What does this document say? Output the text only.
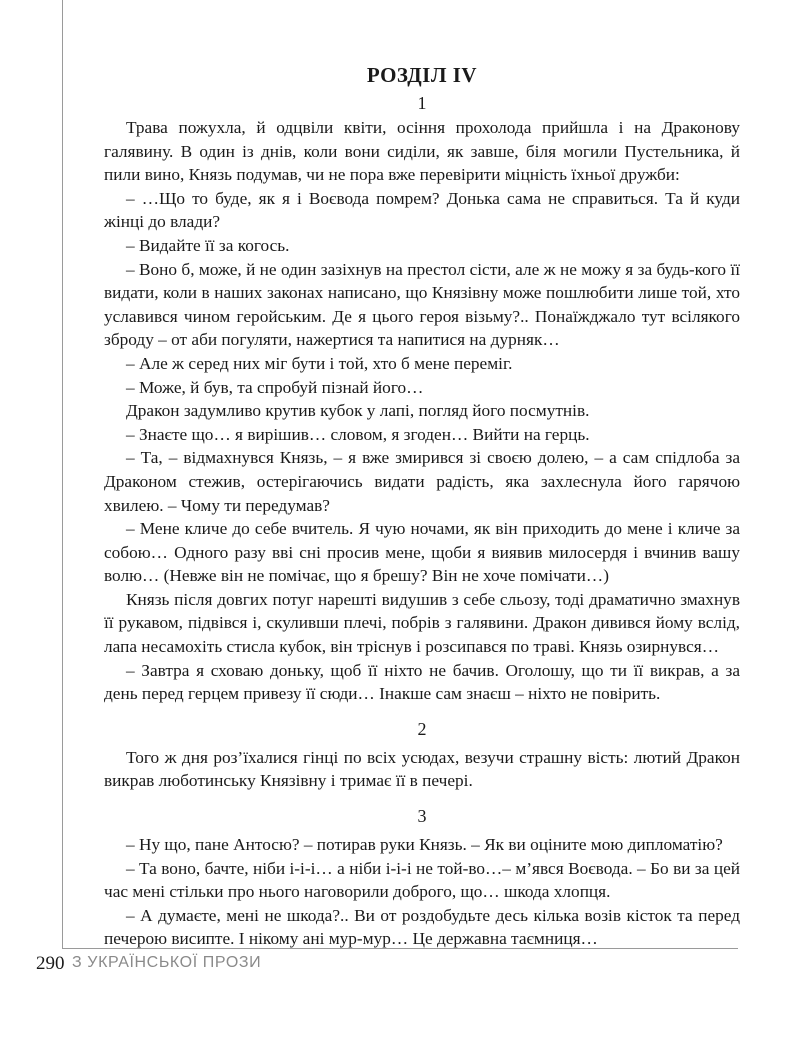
РОЗДІЛ IV
1

Трава пожухла, й одцвіли квіти, осіння прохолода прийшла і на Драконову галявину. В один із днів, коли вони сиділи, як завше, біля могили Пустельника, й пили вино, Князь подумав, чи не пора вже перевірити міцність їхньої дружби:

– …Що то буде, як я і Воєвода помрем? Донька сама не справиться. Та й куди жінці до влади?

– Видайте її за когось.

– Воно б, може, й не один зазіхнув на престол сісти, але ж не можу я за будь-кого її видати, коли в наших законах написано, що Князівну може пошлюбити лише той, хто уславився чином геройським. Де я цього героя візьму?.. Понаїжджало тут всілякого зброду – от аби погуляти, нажертися та напитися на дурняк…

– Але ж серед них міг бути і той, хто б мене переміг.

– Може, й був, та спробуй пізнай його…

Дракон задумливо крутив кубок у лапі, погляд його посмутнів.

– Знаєте що… я вирішив… словом, я згоден… Вийти на герць.

– Та, – відмахнувся Князь, – я вже змирився зі своєю долею, – а сам спідлоба за Драконом стежив, остерігаючись видати радість, яка захлеснула його гарячою хвилею. – Чому ти передумав?

– Мене кличе до себе вчитель. Я чую ночами, як він приходить до мене і кличе за собою… Одного разу вві сні просив мене, щоби я виявив милосердя і вчинив вашу волю… (Невже він не помічає, що я брешу? Він не хоче помічати…)

Князь після довгих потуг нарешті видушив з себе сльозу, тоді драматично змахнув її рукавом, підвівся і, скуливши плечі, побрів з галявини. Дракон дивився йому вслід, лапа несамохіть стисла кубок, він тріснув і розсипався по траві. Князь озирнувся…

– Завтра я сховаю доньку, щоб її ніхто не бачив. Оголошу, що ти її викрав, а за день перед герцем привезу її сюди… Інакше сам знаєш – ніхто не повірить.

2

Того ж дня роз’їхалися гінці по всіх усюдах, везучи страшну вість: лютий Дракон викрав люботинську Князівну і тримає її в печері.

3

– Ну що, пане Антосю? – потирав руки Князь. – Як ви оціните мою дипломатію?

– Та воно, бачте, ніби і-і-і… а ніби і-і-і не той-во…– м’явся Воєвода. – Бо ви за цей час мені стільки про нього наговорили доброго, що… шкода хлопця.

– А думаєте, мені не шкода?.. Ви от роздобудьте десь кілька возів кісток та перед печерою висипте. І нікому ані мур-мур… Це державна таємниця…

290 З УКРАЇНСЬКОЇ ПРОЗИ
